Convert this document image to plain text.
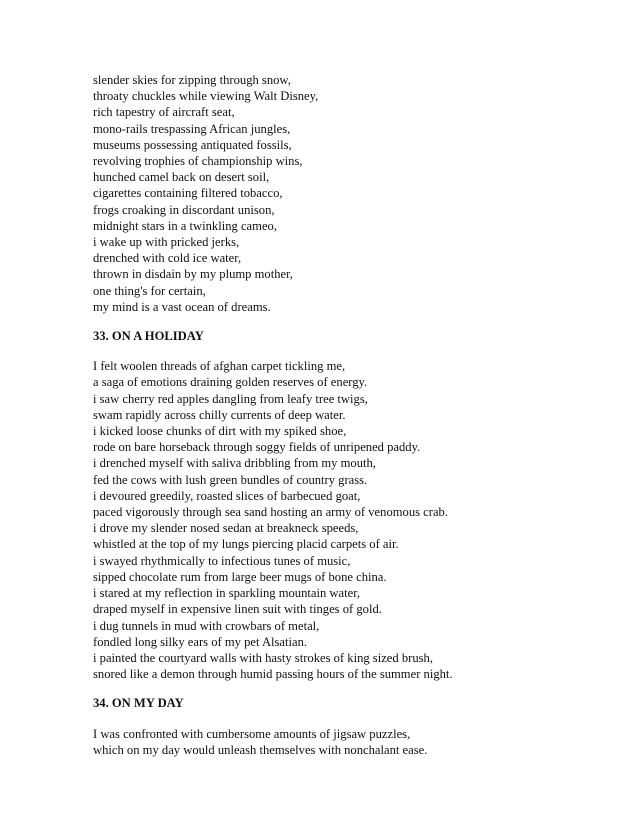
slender skies for zipping through snow,
throaty chuckles while viewing Walt Disney,
rich tapestry of aircraft seat,
mono-rails trespassing African jungles,
museums possessing antiquated fossils,
revolving trophies of championship wins,
hunched camel back on desert soil,
cigarettes containing filtered tobacco,
frogs croaking in discordant unison,
midnight stars in a twinkling cameo,
i wake up with pricked jerks,
drenched with cold ice water,
thrown in disdain by my plump mother,
one thing's for certain,
my mind is a vast ocean of dreams.
33. ON A HOLIDAY
I felt woolen threads of afghan carpet tickling me,
a saga of emotions draining golden reserves of energy.
i saw cherry red apples dangling from leafy tree twigs,
swam rapidly across chilly currents of deep water.
i kicked loose chunks of dirt with my spiked shoe,
rode on bare horseback through soggy fields of unripened paddy.
i drenched myself with saliva dribbling from my mouth,
fed the cows with lush green bundles of country grass.
i devoured greedily, roasted slices of barbecued goat,
paced vigorously through sea sand hosting an army of venomous crab.
i drove my slender nosed sedan at breakneck speeds,
whistled at the top of my lungs piercing placid carpets of air.
i swayed rhythmically to infectious tunes of music,
sipped chocolate rum from large beer mugs of bone china.
i stared at my reflection in sparkling mountain water,
draped myself in expensive linen suit with tinges of gold.
i dug tunnels in mud with crowbars of metal,
fondled long silky ears of my pet Alsatian.
i painted the courtyard walls with hasty strokes of king sized brush,
snored like a demon through humid passing hours of the summer night.
34. ON MY DAY
I was confronted with cumbersome amounts of jigsaw puzzles,
which on my day would unleash themselves with nonchalant ease.
